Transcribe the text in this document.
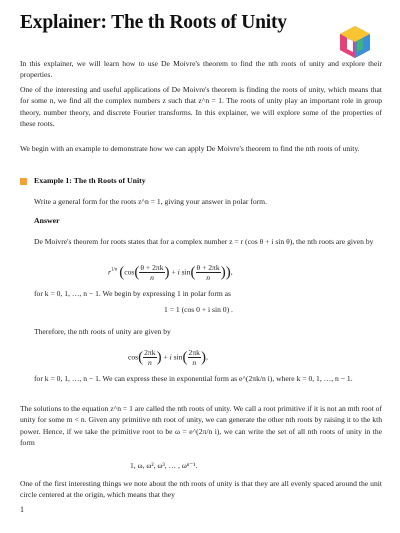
Explainer: The th Roots of Unity
In this explainer, we will learn how to use De Moivre's theorem to find the nth roots of unity and explore their properties.
One of the interesting and useful applications of De Moivre's theorem is finding the roots of unity, which means that for some n, we find all the complex numbers z such that z^n = 1. The roots of unity play an important role in group theory, number theory, and discrete Fourier transforms. In this explainer, we will explore some of the properties of these roots.
We begin with an example to demonstrate how we can apply De Moivre's theorem to find the nth roots of unity.
Example 1: The th Roots of Unity
Write a general form for the roots z^n = 1, giving your answer in polar form.
Answer
De Moivre's theorem for roots states that for a complex number z = r (cos θ + i sin θ), the nth roots are given by
$r^{1/n}$ ($\cos( \frac{\theta + 2\pi k}{n}$ ) + i $\sin( \frac{\theta + 2\pi k}{n}$ )),
for k = 0, 1, …, n − 1. We begin by expressing 1 in polar form as
1 = 1 (cos 0 + i sin 0) .
Therefore, the nth roots of unity are given by
$\cos( \frac{2\pi k}{n}$ ) + i $\sin( \frac{2\pi k}{n}$ ),
for k = 0, 1, …, n − 1. We can express these in exponential form as e^(2πk/n i), where k = 0, 1, …, n − 1.
The solutions to the equation z^n = 1 are called the nth roots of unity. We call a root primitive if it is not an mth root of unity for some m < n. Given any primitive nth root of unity, we can generate the other nth roots by raising it to the kth power. Hence, if we take the primitive root to be ω = e^(2π/n i), we can write the set of all nth roots of unity in the form
1, ω, ω², ω³, … , ωⁿ⁻¹.
One of the first interesting things we note about the nth roots of unity is that they are all evenly spaced around the unit circle centered at the origin, which means that they
1
